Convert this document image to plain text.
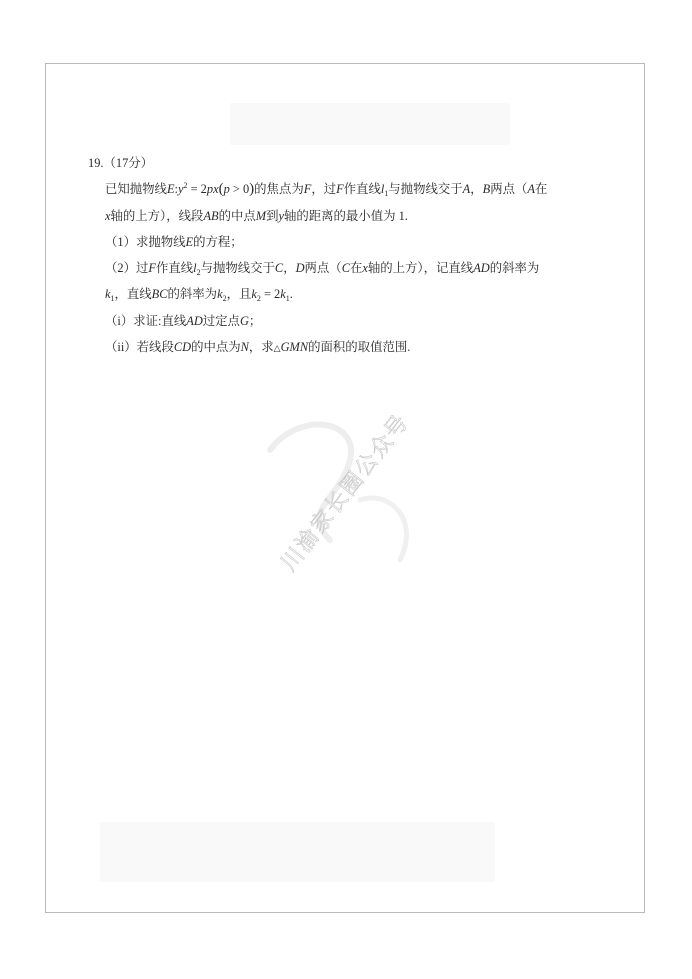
川渝家长圈公众号
19.（17分）
已知抛物线$E:y^2 = 2px(p > 0)$的焦点为F，过F作直线$l_1$与抛物线交于A，B两点（A在
x轴的上方），线段AB的中点M到y轴的距离的最小值为 1.
（1）求抛物线E的方程；
（2）过F作直线$l_2$与抛物线交于C，D两点（C在x轴的上方），记直线AD的斜率为
$k_1$，直线BC的斜率为$k_2$，且$k_2 = 2k_1$.
（i）求证:直线AD过定点G；
（ii）若线段CD的中点为N，求△GMN的面积的取值范围.
